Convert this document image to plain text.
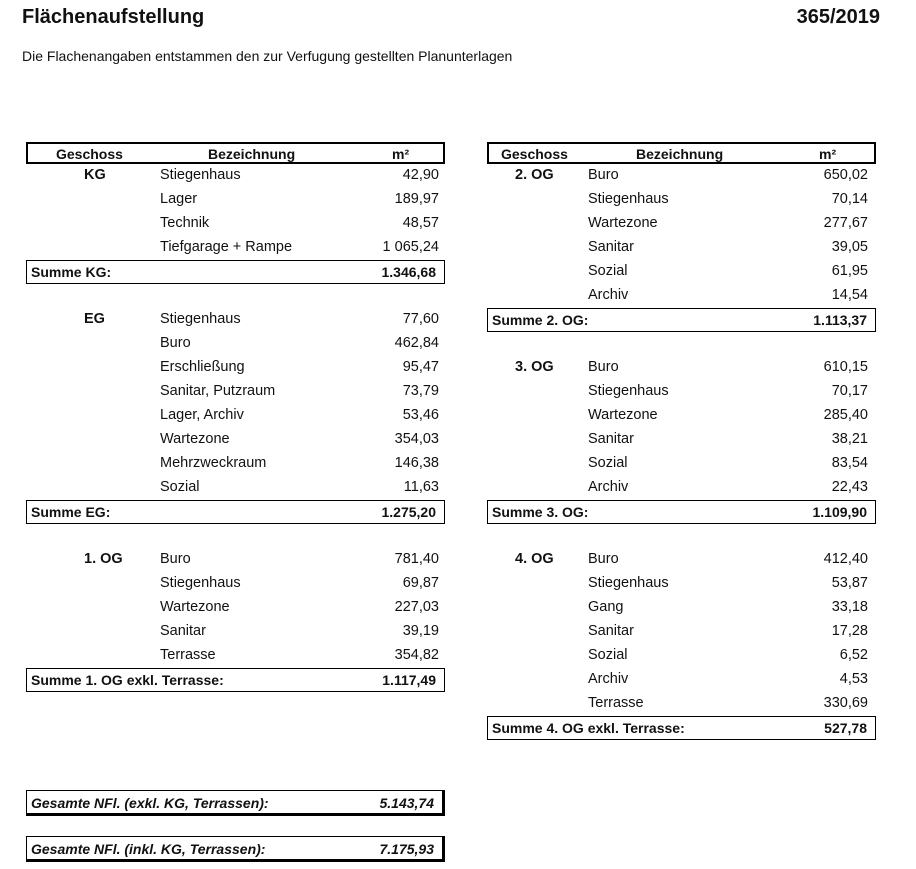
Flächenaufstellung	365/2019
Die Flachenangaben entstammen den zur Verfugung gestellten Planunterlagen
Geschoss	Bezeichnung	m²
KG	Stiegenhaus	42,90
Lager	189,97
Technik	48,57
Tiefgarage + Rampe	1 065,24
Summe KG:	1.346,68
EG	Stiegenhaus	77,60
Buro	462,84
Erschließung	95,47
Sanitar, Putzraum	73,79
Lager, Archiv	53,46
Wartezone	354,03
Mehrzweckraum	146,38
Sozial	11,63
Summe EG:	1.275,20
1. OG	Buro	781,40
Stiegenhaus	69,87
Wartezone	227,03
Sanitar	39,19
Terrasse	354,82
Summe 1. OG exkl. Terrasse:	1.117,49
Geschoss	Bezeichnung	m²
2. OG Buro	650,02
Stiegenhaus	70,14
Wartezone	277,67
Sanitar	39,05
Sozial	61,95
Archiv	14,54
Summe 2. OG:	1.113,37
3. OG Buro	610,15
Stiegenhaus	70,17
Wartezone	285,40
Sanitar	38,21
Sozial	83,54
Archiv	22,43
Summe 3. OG:	1.109,90
4. OG Buro	412,40
Stiegenhaus	53,87
Gang	33,18
Sanitar	17,28
Sozial	6,52
Archiv	4,53
Terrasse	330,69
Summe 4. OG exkl. Terrasse:	527,78
Gesamte NFl. (exkl. KG, Terrassen):	5.143,74
Gesamte NFl. (inkl. KG, Terrassen):	7.175,93
